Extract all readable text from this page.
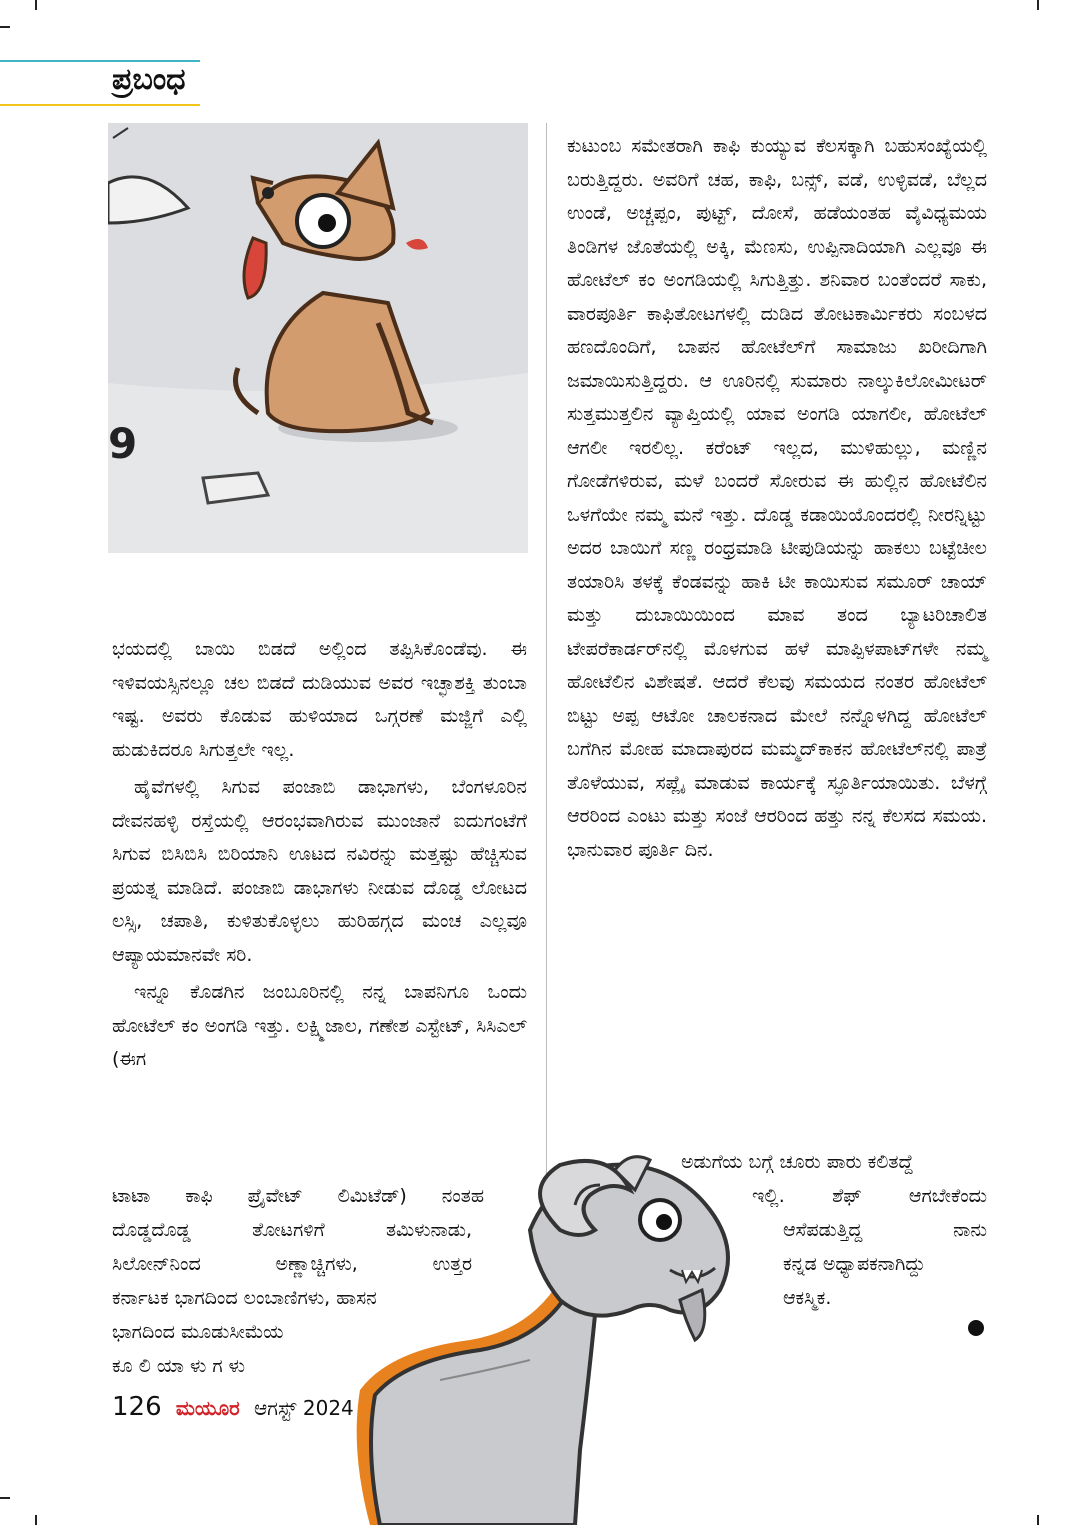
ಪ್ರಬಂಧ
9

ಭಯದಲ್ಲಿ ಬಾಯಿ ಬಿಡದೆ ಅಲ್ಲಿಂದ ತಪ್ಪಿಸಿಕೊಂಡೆವು. ಈ ಇಳಿವಯಸ್ಸಿನಲ್ಲೂ ಚಲ ಬಿಡದೆ ದುಡಿಯುವ ಅವರ ಇಚ್ಛಾಶಕ್ತಿ ತುಂಬಾ ಇಷ್ಟ. ಅವರು ಕೊಡುವ ಹುಳಿಯಾದ ಒಗ್ಗರಣೆ ಮಜ್ಜಿಗೆ ಎಲ್ಲಿ ಹುಡುಕಿದರೂ ಸಿಗುತ್ತಲೇ ಇಲ್ಲ.

ಹೈವೆಗಳಲ್ಲಿ ಸಿಗುವ ಪಂಜಾಬಿ ಡಾಭಾಗಳು, ಬೆಂಗಳೂರಿನ ದೇವನಹಳ್ಳಿ ರಸ್ತೆಯಲ್ಲಿ ಆರಂಭವಾಗಿರುವ ಮುಂಜಾನೆ ಐದುಗಂಟೆಗೆ ಸಿಗುವ ಬಿಸಿಬಿಸಿ ಬಿರಿಯಾನಿ ಊಟದ ನವಿರನ್ನು ಮತ್ತಷ್ಟು ಹೆಚ್ಚಿಸುವ ಪ್ರಯತ್ನ ಮಾಡಿದೆ. ಪಂಜಾಬಿ ಡಾಭಾಗಳು ನೀಡುವ ದೊಡ್ಡ ಲೋಟದ ಲಸ್ಸಿ, ಚಪಾತಿ, ಕುಳಿತುಕೊಳ್ಳಲು ಹುರಿಹಗ್ಗದ ಮಂಚ ಎಲ್ಲವೂ ಆಪ್ಯಾಯಮಾನವೇ ಸರಿ.

ಇನ್ನೂ ಕೊಡಗಿನ ಜಂಬೂರಿನಲ್ಲಿ ನನ್ನ ಬಾಪನಿಗೂ ಒಂದು ಹೋಟೆಲ್ ಕಂ ಅಂಗಡಿ ಇತ್ತು. ಲಕ್ಷ್ಮಿಜಾಲ, ಗಣೇಶ ಎಸ್ಟೇಟ್, ಸಿಸಿಎಲ್ (ಈಗ

ಟಾಟಾ ಕಾಫಿ ಪ್ರೈವೇಟ್ ಲಿಮಿಟೆಡ್) ನಂತಹ
ದೊಡ್ಡದೊಡ್ಡ ತೋಟಗಳಿಗೆ ತಮಿಳುನಾಡು,
ಸಿಲೋನ್‌ನಿಂದ ಅಣ್ಣಾಚ್ಚಿಗಳು, ಉತ್ತರ
ಕರ್ನಾಟಕ ಭಾಗದಿಂದ ಲಂಬಾಣಿಗಳು, ಹಾಸನ
ಭಾಗದಿಂದ ಮೂಡುಸೀಮೆಯ
ಕೂ ಲಿ ಯಾ ಳು ಗ ಳು

ಕುಟುಂಬ ಸಮೇತರಾಗಿ ಕಾಫಿ ಕುಯ್ಯುವ ಕೆಲಸಕ್ಕಾಗಿ ಬಹುಸಂಖ್ಯೆಯಲ್ಲಿ ಬರುತ್ತಿದ್ದರು. ಅವರಿಗೆ ಚಹ, ಕಾಫಿ, ಬನ್ಸ್, ವಡೆ, ಉಳ್ಳಿವಡೆ, ಬೆಲ್ಲದ ಉಂಡೆ, ಅಚ್ಚಪ್ಪಂ, ಪುಟ್ಟ್, ದೋಸೆ, ಹಡೆಯಂತಹ ವೈವಿಧ್ಯಮಯ ತಿಂಡಿಗಳ ಜೊತೆಯಲ್ಲಿ ಅಕ್ಕಿ, ಮೆಣಸು, ಉಪ್ಪಿನಾದಿಯಾಗಿ ಎಲ್ಲವೂ ಈ ಹೋಟೆಲ್ ಕಂ ಅಂಗಡಿಯಲ್ಲಿ ಸಿಗುತ್ತಿತ್ತು. ಶನಿವಾರ ಬಂತೆಂದರೆ ಸಾಕು, ವಾರಪೂರ್ತಿ ಕಾಫಿತೋಟಗಳಲ್ಲಿ ದುಡಿದ ತೋಟಕಾರ್ಮಿಕರು ಸಂಬಳದ ಹಣದೊಂದಿಗೆ, ಬಾಪನ ಹೋಟೆಲ್‌ಗೆ ಸಾಮಾಜು ಖರೀದಿಗಾಗಿ ಜಮಾಯಿಸುತ್ತಿದ್ದರು. ಆ ಊರಿನಲ್ಲಿ ಸುಮಾರು ನಾಲ್ಕುಕಿಲೋಮೀಟರ್ ಸುತ್ತಮುತ್ತಲಿನ ವ್ಯಾಪ್ತಿಯಲ್ಲಿ ಯಾವ ಅಂಗಡಿ ಯಾಗಲೀ, ಹೋಟೆಲ್ ಆಗಲೀ ಇರಲಿಲ್ಲ. ಕರೆಂಟ್ ಇಲ್ಲದ, ಮುಳಿಹುಲ್ಲು, ಮಣ್ಣಿನ ಗೋಡೆಗಳಿರುವ, ಮಳೆ ಬಂದರೆ ಸೋರುವ ಈ ಹುಲ್ಲಿನ ಹೋಟೆಲಿನ ಒಳಗೆಯೇ ನಮ್ಮ ಮನೆ ಇತ್ತು. ದೊಡ್ಡ ಕಡಾಯಿಯೊಂದರಲ್ಲಿ ನೀರನ್ನಿಟ್ಟು ಅದರ ಬಾಯಿಗೆ ಸಣ್ಣ ರಂಧ್ರಮಾಡಿ ಟೀಪುಡಿಯನ್ನು ಹಾಕಲು ಬಟ್ಟೆಚೀಲ ತಯಾರಿಸಿ ತಳಕ್ಕೆ ಕೆಂಡವನ್ನು ಹಾಕಿ ಟೀ ಕಾಯಿಸುವ ಸಮೂರ್ ಚಾಯ್ ಮತ್ತು ದುಬಾಯಿಯಿಂದ ಮಾವ ತಂದ ಬ್ಯಾಟರಿಚಾಲಿತ ಟೇಪರೆಕಾರ್ಡರ್‌ನಲ್ಲಿ ಮೊಳಗುವ ಹಳೆ ಮಾಪ್ಪಿಳಪಾಟ್‌ಗಳೇ ನಮ್ಮ ಹೋಟೆಲಿನ ವಿಶೇಷತೆ. ಆದರೆ ಕೆಲವು ಸಮಯದ ನಂತರ ಹೋಟೆಲ್ ಬಿಟ್ಟು ಅಪ್ಪ ಆಟೋ ಚಾಲಕನಾದ ಮೇಲೆ ನನ್ನೊಳಗಿದ್ದ ಹೋಟೆಲ್ ಬಗೆಗಿನ ಮೋಹ ಮಾದಾಪುರದ ಮಮ್ಮದ್‌ಕಾಕನ ಹೋಟೆಲ್‌ನಲ್ಲಿ ಪಾತ್ರೆ ತೊಳೆಯುವ, ಸಪ್ಲೈ ಮಾಡುವ ಕಾರ್ಯಕ್ಕೆ ಸ್ಫೂರ್ತಿಯಾಯಿತು. ಬೆಳಗ್ಗೆ ಆರರಿಂದ ಎಂಟು ಮತ್ತು ಸಂಜೆ ಆರರಿಂದ ಹತ್ತು ನನ್ನ ಕೆಲಸದ ಸಮಯ. ಭಾನುವಾರ ಪೂರ್ತಿ ದಿನ.

ಅಡುಗೆಯ ಬಗ್ಗೆ ಚೂರು ಪಾರು ಕಲಿತದ್ದೆ
ಇಲ್ಲಿ. ಶೆಫ್ ಆಗಬೇಕೆಂದು
ಆಸೆಪಡುತ್ತಿದ್ದ ನಾನು
ಕನ್ನಡ ಅಧ್ಯಾಪಕನಾಗಿದ್ದು
ಆಕಸ್ಮಿಕ.
126 ಮಯೂರ ಆಗಸ್ಟ್ 2024
